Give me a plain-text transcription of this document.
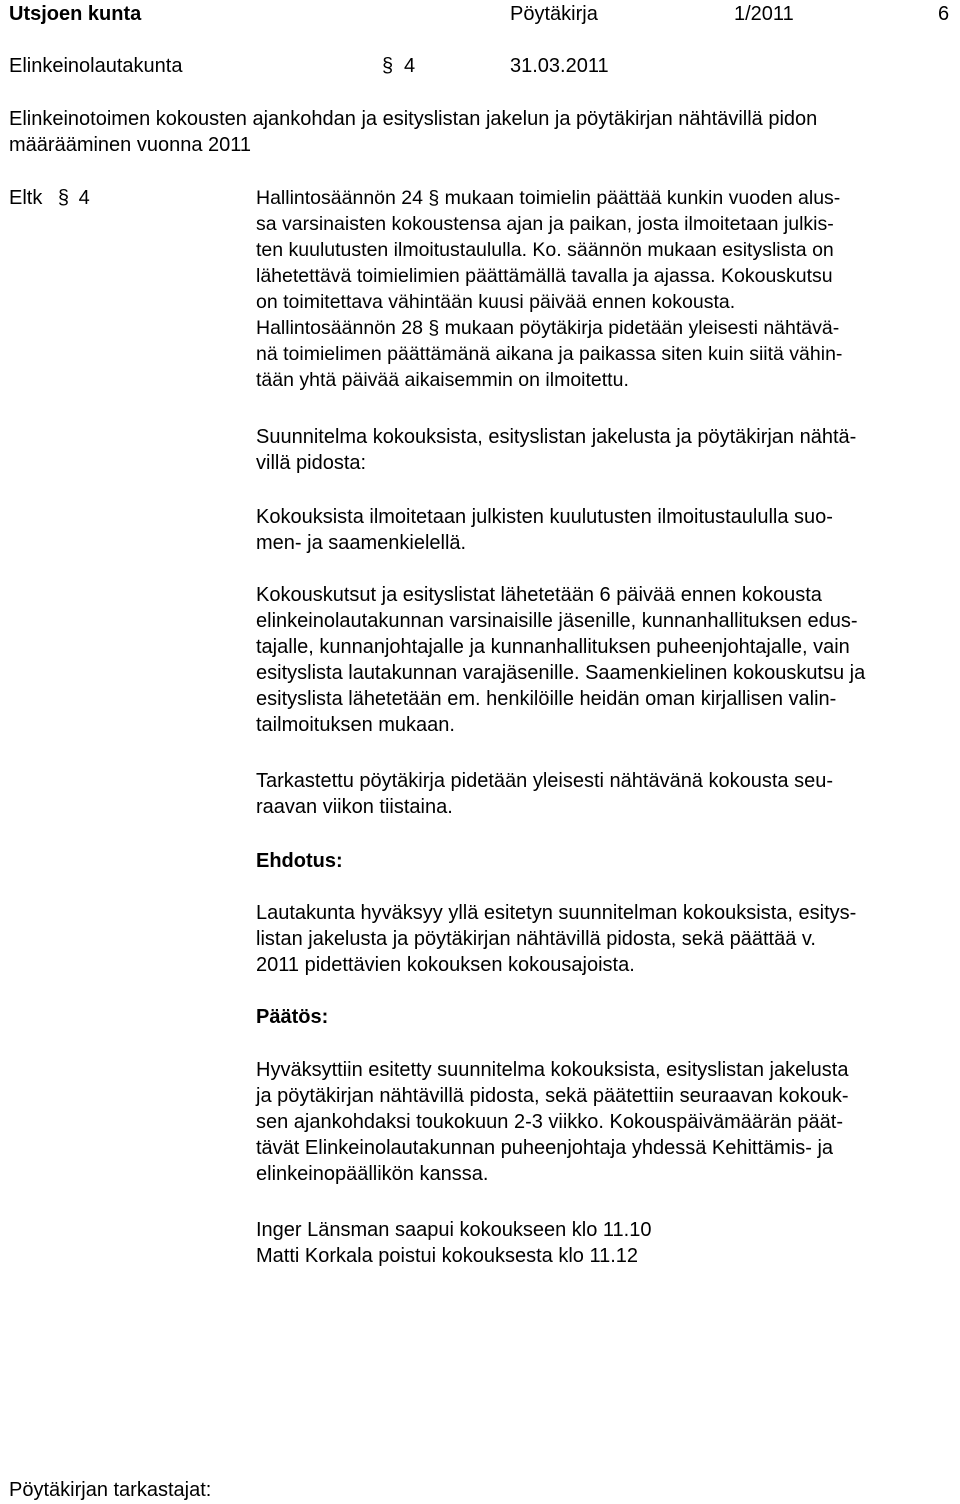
Utsjoen kunta	Pöytäkirja	1/2011	6
Elinkeinolautakunta	§ 4	31.03.2011
Elinkeinotoimen kokousten ajankohdan ja esityslistan jakelun ja pöytäkirjan nähtävillä pidon
määrääminen vuonna 2011
Eltk § 4	Hallintosäännön 24 § mukaan toimielin päättää kunkin vuoden alus-
sa varsinaisten kokoustensa ajan ja paikan, josta ilmoitetaan julkis-
ten kuulutusten ilmoitustaululla. Ko. säännön mukaan esityslista on
lähetettävä toimielimien päättämällä tavalla ja ajassa. Kokouskutsu
on toimitettava vähintään kuusi päivää ennen kokousta.
Hallintosäännön 28 § mukaan pöytäkirja pidetään yleisesti nähtävä-
nä toimielimen päättämänä aikana ja paikassa siten kuin siitä vähin-
tään yhtä päivää aikaisemmin on ilmoitettu.
Suunnitelma kokouksista, esityslistan jakelusta ja pöytäkirjan nähtä-
villä pidosta:
Kokouksista ilmoitetaan julkisten kuulutusten ilmoitustaululla suo-
men- ja saamenkielellä.
Kokouskutsut ja esityslistat lähetetään 6 päivää ennen kokousta
elinkeinolautakunnan varsinaisille jäsenille, kunnanhallituksen edus-
tajalle, kunnanjohtajalle ja kunnanhallituksen puheenjohtajalle, vain
esityslista lautakunnan varajäsenille. Saamenkielinen kokouskutsu ja
esityslista lähetetään em. henkilöille heidän oman kirjallisen valin-
tailmoituksen mukaan.
Tarkastettu pöytäkirja pidetään yleisesti nähtävänä kokousta seu-
raavan viikon tiistaina.
Ehdotus:
Lautakunta hyväksyy yllä esitetyn suunnitelman kokouksista, esitys-
listan jakelusta ja pöytäkirjan nähtävillä pidosta, sekä päättää v.
2011 pidettävien kokouksen kokousajoista.
Päätös:
Hyväksyttiin esitetty suunnitelma kokouksista, esityslistan jakelusta
ja pöytäkirjan nähtävillä pidosta, sekä päätettiin seuraavan kokouk-
sen ajankohdaksi toukokuun 2-3 viikko. Kokouspäivämäärän päät-
tävät Elinkeinolautakunnan puheenjohtaja yhdessä Kehittämis- ja
elinkeinopäällikön kanssa.
Inger Länsman saapui kokoukseen klo 11.10
Matti Korkala poistui kokouksesta klo 11.12
Pöytäkirjan tarkastajat:
